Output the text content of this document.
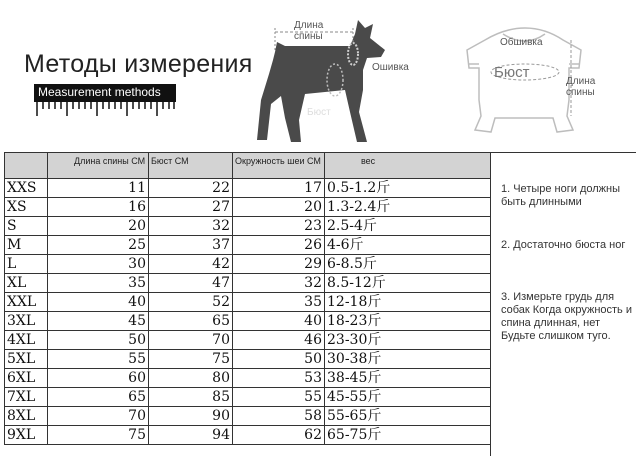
Методы измерения
Measurement methods
Длина
спины
Ошивка
Бюст
Обшивка
Бюст
Длина
спины
	Длина спины СМ	Бюст СМ	Окружность шеи СМ	вес
XXS	11	22	17	0.5-1.2斤
XS	16	27	20	1.3-2.4斤
S	20	32	23	2.5-4斤
M	25	37	26	4-6斤
L	30	42	29	6-8.5斤
XL	35	47	32	8.5-12斤
XXL	40	52	35	12-18斤
3XL	45	65	40	18-23斤
4XL	50	70	46	23-30斤
5XL	55	75	50	30-38斤
6XL	60	80	53	38-45斤
7XL	65	85	55	45-55斤
8XL	70	90	58	55-65斤
9XL	75	94	62	65-75斤
1. Четыре ноги должны быть длинными
2. Достаточно бюста ног
3. Измерьте грудь для собак Когда окружность и спина длинная, нет Будьте слишком туго.
